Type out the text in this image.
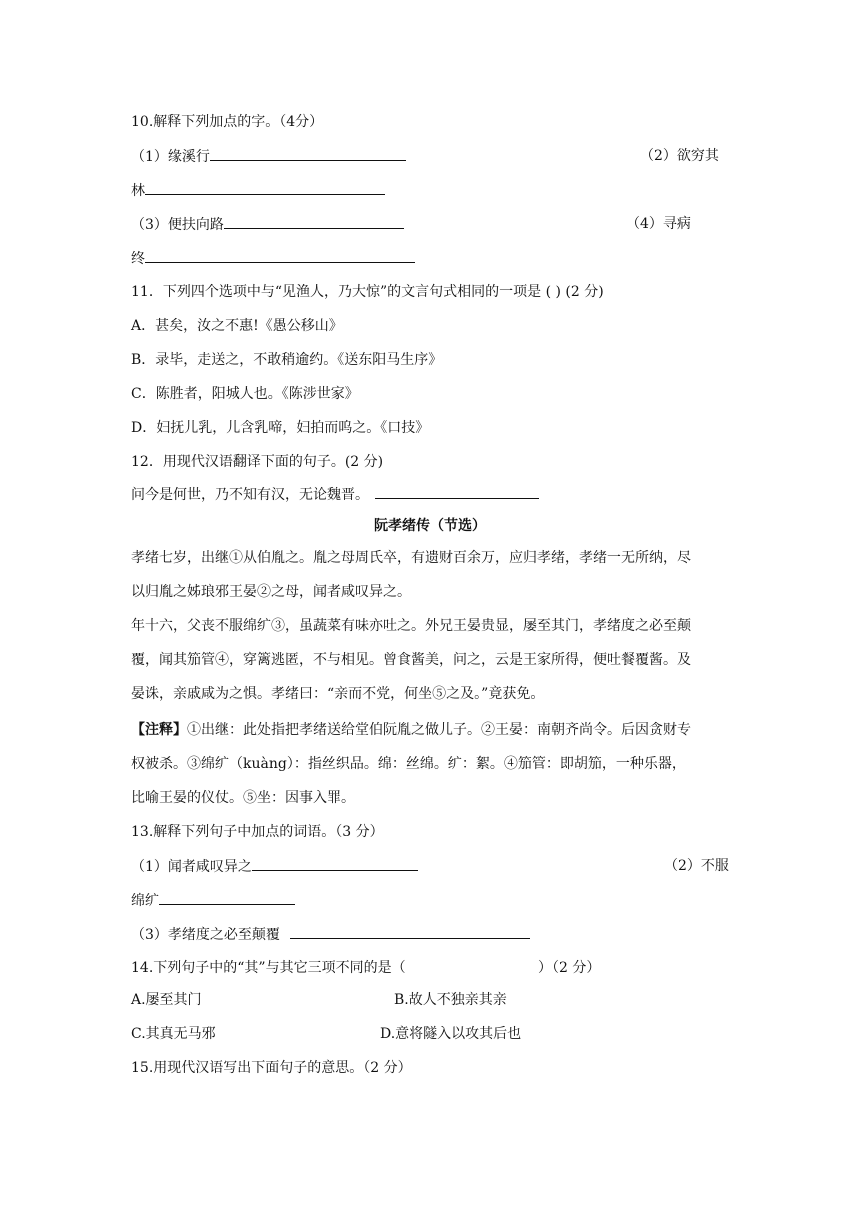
10.解释下列加点的字。（4分）
（1）缘溪行	（2）欲穷其
林
（3）便扶向路	（4）寻病
终
11．下列四个选项中与“见渔人，乃大惊”的文言句式相同的一项是 ( ) (2 分)
A．甚矣，汝之不惠!《愚公移山》
B．录毕，走送之，不敢稍逾约。《送东阳马生序》
C．陈胜者，阳城人也。《陈涉世家》
D．妇抚儿乳，儿含乳啼，妇拍而呜之。《口技》
12．用现代汉语翻译下面的句子。(2 分)
问今是何世，乃不知有汉，无论魏晋。
阮孝绪传（节选）
孝绪七岁，出继①从伯胤之。胤之母周氏卒，有遗财百余万，应归孝绪，孝绪一无所纳，尽
以归胤之姊琅邪王晏②之母，闻者咸叹异之。
年十六，父丧不服绵纩③，虽蔬菜有味亦吐之。外兄王晏贵显，屡至其门，孝绪度之必至颠
覆，闻其笳管④，穿篱逃匿，不与相见。曾食酱美，问之，云是王家所得，便吐餐覆酱。及
晏诛，亲戚咸为之惧。孝绪曰：“亲而不党，何坐⑤之及。”竟获免。
【注释】①出继：此处指把孝绪送给堂伯阮胤之做儿子。②王晏：南朝齐尚令。后因贪财专
权被杀。③绵纩（kuàng）：指丝织品。绵：丝绵。纩：絮。④笳管：即胡笳，一种乐器，
比喻王晏的仪仗。⑤坐：因事入罪。
13.解释下列句子中加点的词语。（3 分）
（1）闻者咸叹异之	（2）不服
绵纩
（3）孝绪度之必至颠覆
14.下列句子中的“其”与其它三项不同的是（	）（2 分）
A.屡至其门	B.故人不独亲其亲
C.其真无马邪	D.意将隧入以攻其后也
15.用现代汉语写出下面句子的意思。（2 分）
